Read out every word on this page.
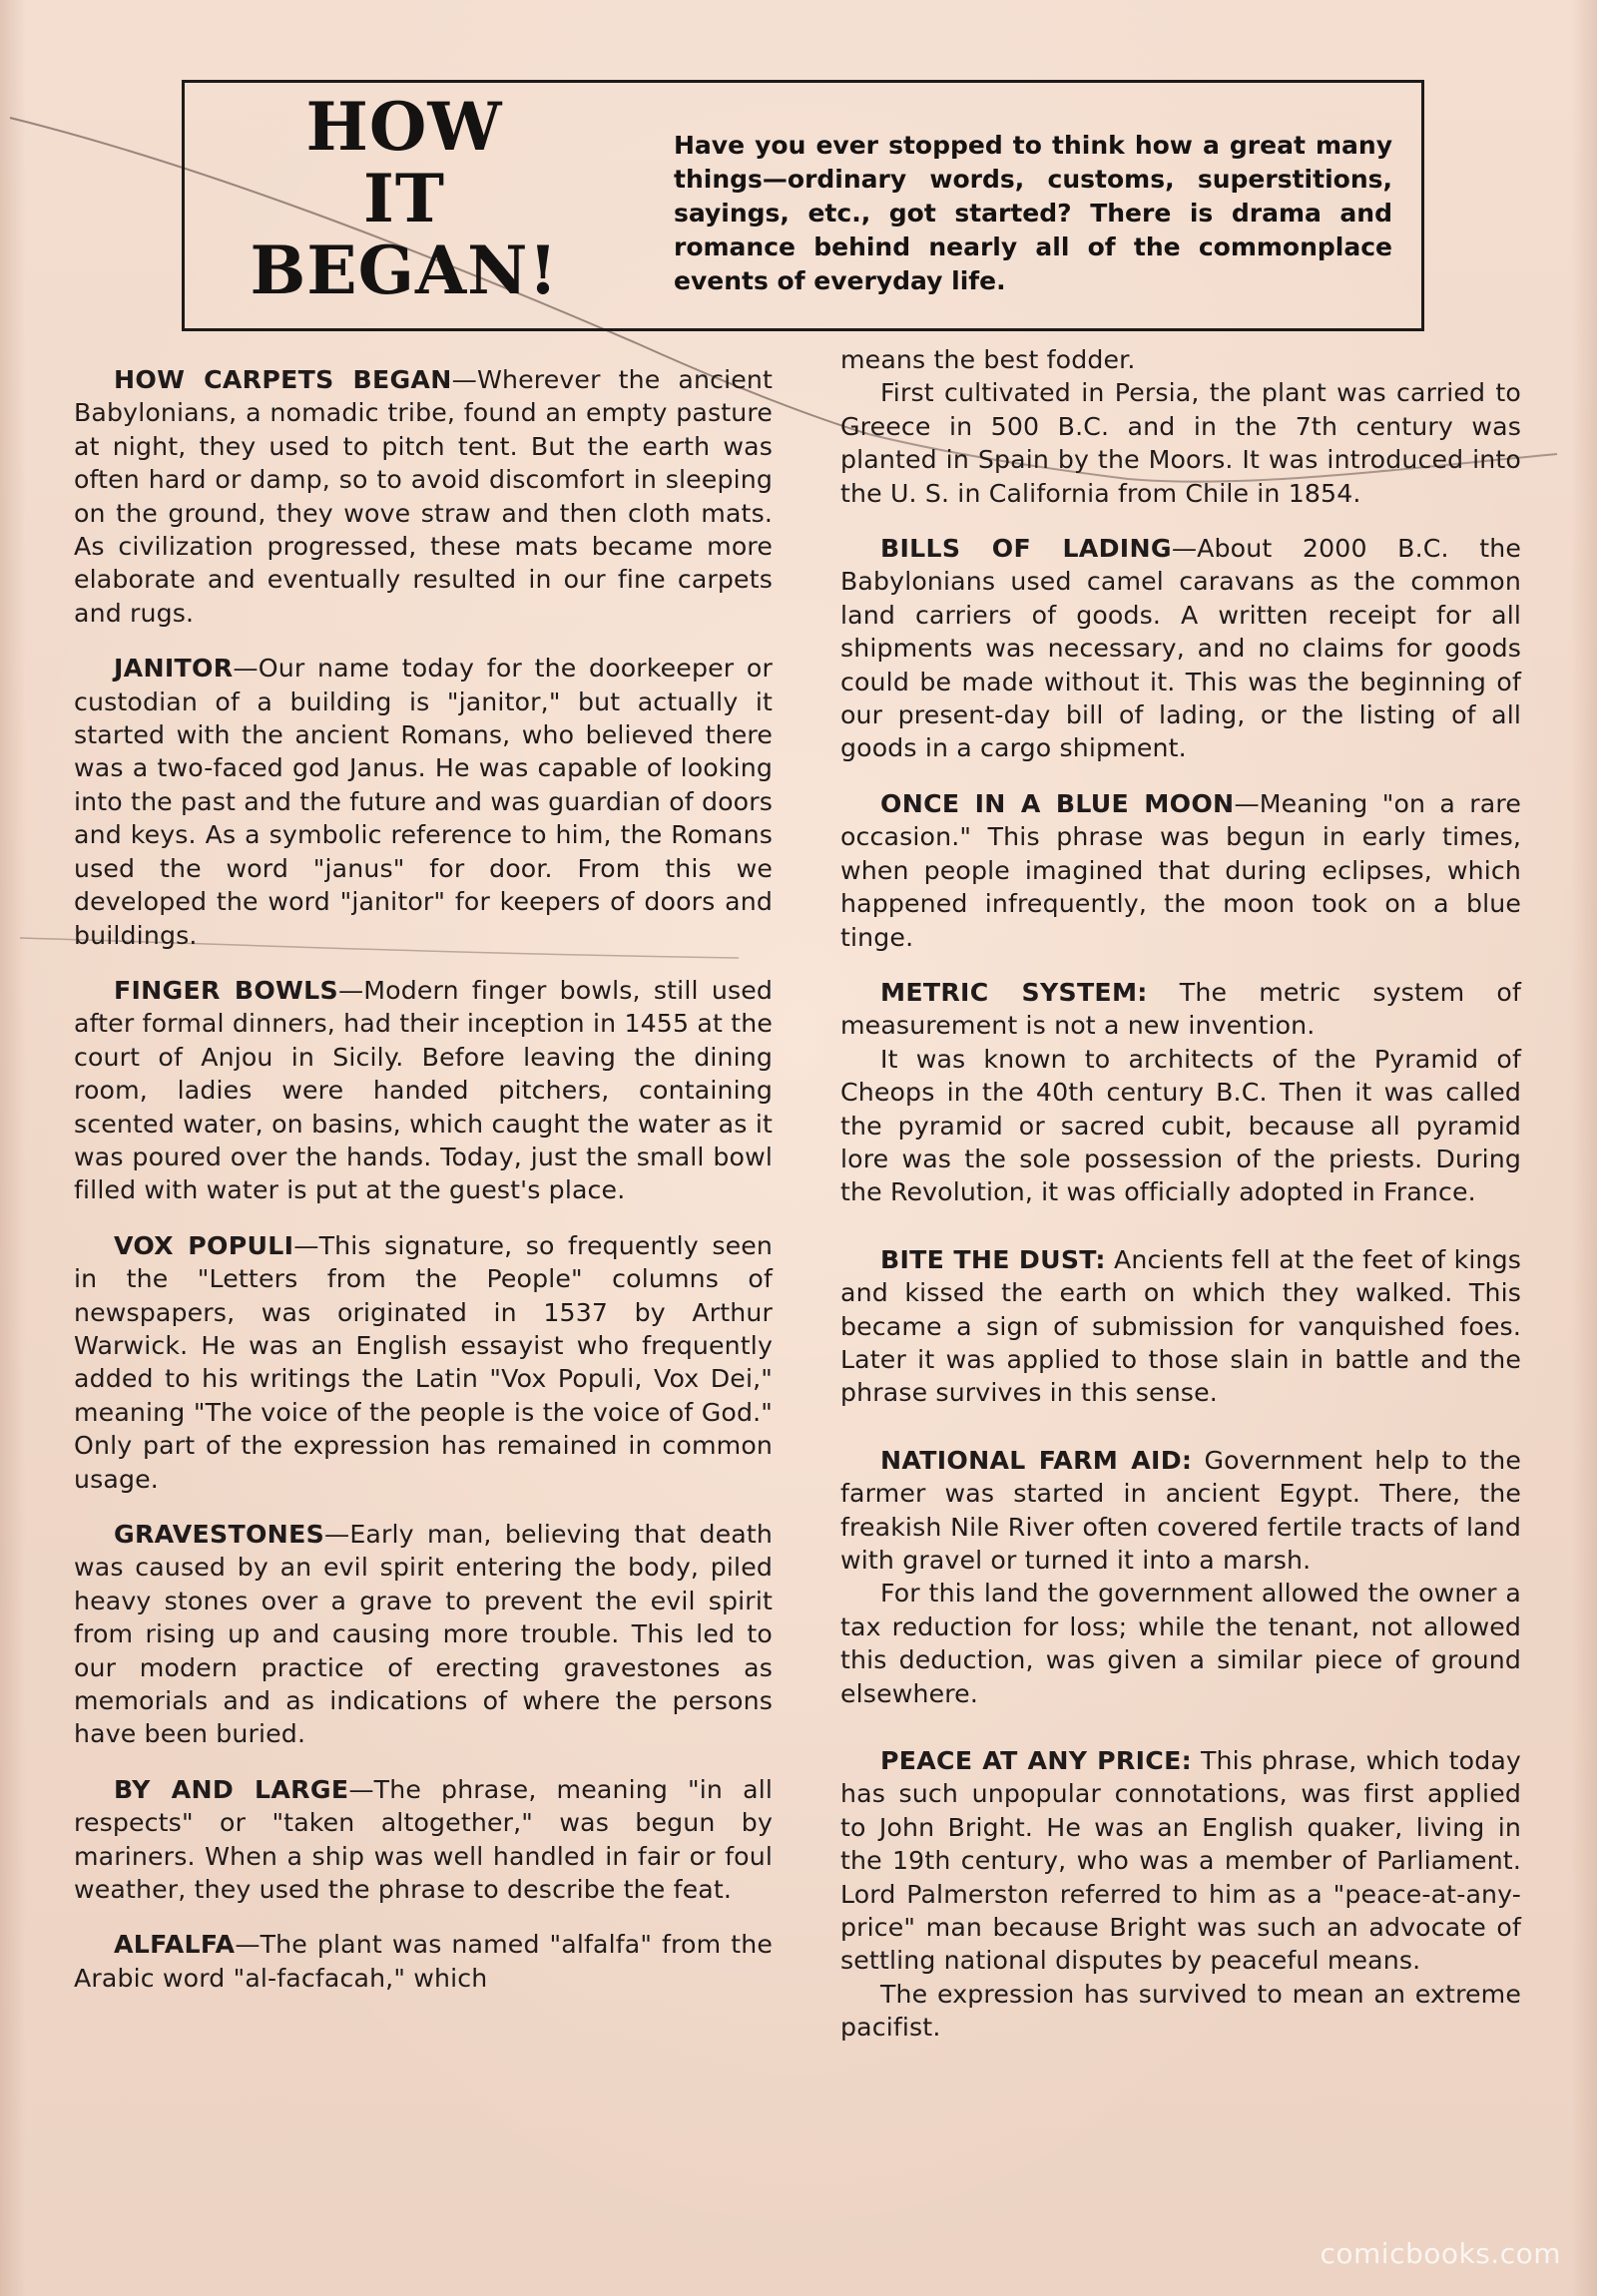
HOW
IT
BEGAN!
Have you ever stopped to think how a great many things—ordinary words, customs, superstitions, sayings, etc., got started? There is drama and romance behind nearly all of the commonplace events of everyday life.

HOW CARPETS BEGAN—Wherever the ancient Babylonians, a nomadic tribe, found an empty pasture at night, they used to pitch tent. But the earth was often hard or damp, so to avoid discomfort in sleeping on the ground, they wove straw and then cloth mats. As civilization progressed, these mats became more elaborate and eventually resulted in our fine carpets and rugs.

JANITOR—Our name today for the doorkeeper or custodian of a building is "janitor," but actually it started with the ancient Romans, who believed there was a two-faced god Janus. He was capable of looking into the past and the future and was guardian of doors and keys. As a symbolic reference to him, the Romans used the word "janus" for door. From this we developed the word "janitor" for keepers of doors and buildings.

FINGER BOWLS—Modern finger bowls, still used after formal dinners, had their inception in 1455 at the court of Anjou in Sicily. Before leaving the dining room, ladies were handed pitchers, containing scented water, on basins, which caught the water as it was poured over the hands. Today, just the small bowl filled with water is put at the guest's place.

VOX POPULI—This signature, so frequently seen in the "Letters from the People" columns of newspapers, was originated in 1537 by Arthur Warwick. He was an English essayist who frequently added to his writings the Latin "Vox Populi, Vox Dei," meaning "The voice of the people is the voice of God." Only part of the expression has remained in common usage.

GRAVESTONES—Early man, believing that death was caused by an evil spirit entering the body, piled heavy stones over a grave to prevent the evil spirit from rising up and causing more trouble. This led to our modern practice of erecting gravestones as memorials and as indications of where the persons have been buried.

BY AND LARGE—The phrase, meaning "in all respects" or "taken altogether," was begun by mariners. When a ship was well handled in fair or foul weather, they used the phrase to describe the feat.

ALFALFA—The plant was named "alfalfa" from the Arabic word "al-facfacah," which

means the best fodder.

First cultivated in Persia, the plant was carried to Greece in 500 B.C. and in the 7th century was planted in Spain by the Moors. It was introduced into the U. S. in California from Chile in 1854.

BILLS OF LADING—About 2000 B.C. the Babylonians used camel caravans as the common land carriers of goods. A written receipt for all shipments was necessary, and no claims for goods could be made without it. This was the beginning of our present-day bill of lading, or the listing of all goods in a cargo shipment.

ONCE IN A BLUE MOON—Meaning "on a rare occasion." This phrase was begun in early times, when people imagined that during eclipses, which happened infrequently, the moon took on a blue tinge.

METRIC SYSTEM: The metric system of measurement is not a new invention.

It was known to architects of the Pyramid of Cheops in the 40th century B.C. Then it was called the pyramid or sacred cubit, because all pyramid lore was the sole possession of the priests. During the Revolution, it was officially adopted in France.

BITE THE DUST: Ancients fell at the feet of kings and kissed the earth on which they walked. This became a sign of submission for vanquished foes. Later it was applied to those slain in battle and the phrase survives in this sense.

NATIONAL FARM AID: Government help to the farmer was started in ancient Egypt. There, the freakish Nile River often covered fertile tracts of land with gravel or turned it into a marsh.

For this land the government allowed the owner a tax reduction for loss; while the tenant, not allowed this deduction, was given a similar piece of ground elsewhere.

PEACE AT ANY PRICE: This phrase, which today has such unpopular connotations, was first applied to John Bright. He was an English quaker, living in the 19th century, who was a member of Parliament. Lord Palmerston referred to him as a "peace-at-any-price" man because Bright was such an advocate of settling national disputes by peaceful means.

The expression has survived to mean an extreme pacifist.

comicbooks.com
